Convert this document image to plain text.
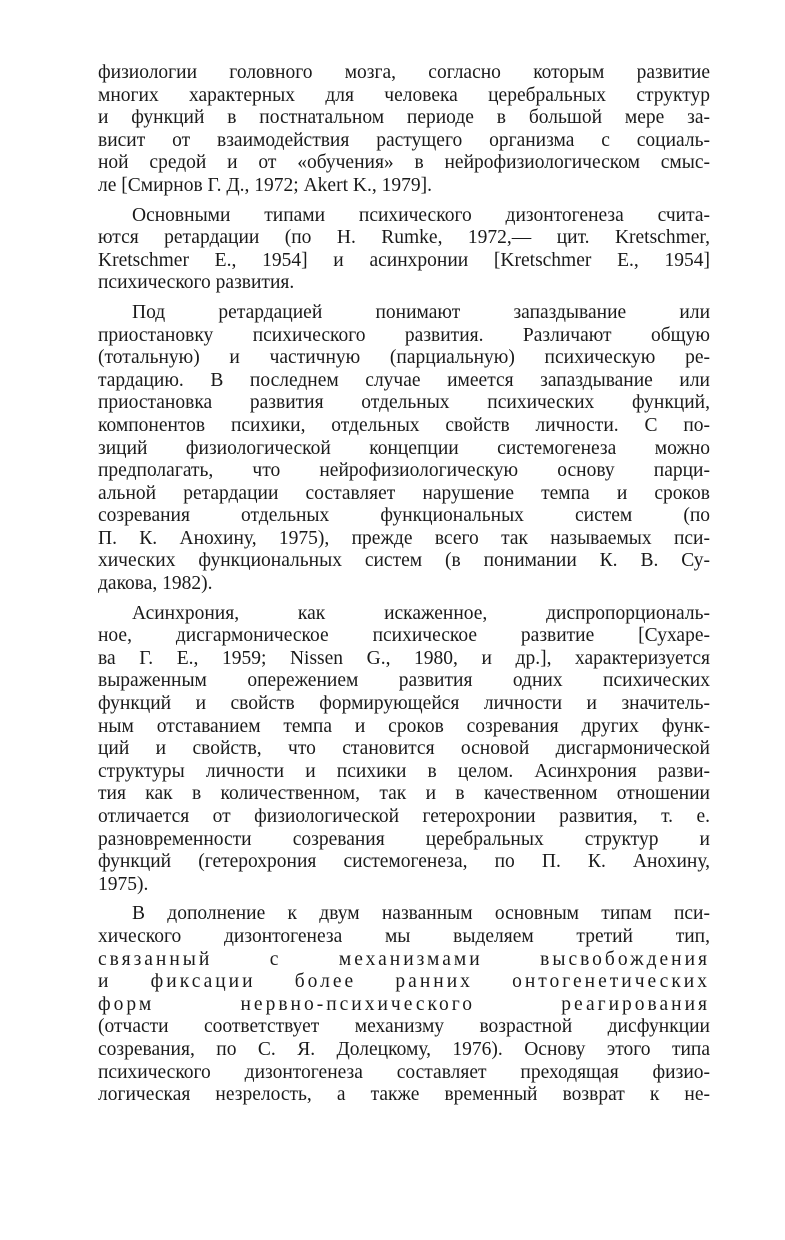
физиологии головного мозга, согласно которым развитие
многих характерных для человека церебральных структур
и функций в постнатальном периоде в большой мере за-
висит от взаимодействия растущего организма с социаль-
ной средой и от «обучения» в нейрофизиологическом смыс-
ле [Смирнов Г. Д., 1972; Akert K., 1979].

Основными типами психического дизонтогенеза счита-
ются ретардации (по Н. Rumke, 1972,— цит. Kretschmer,
Kretschmer E., 1954] и асинхронии [Kretschmer E., 1954]
психического развития.

Под ретардацией понимают запаздывание или
приостановку психического развития. Различают общую
(тотальную) и частичную (парциальную) психическую ре-
тардацию. В последнем случае имеется запаздывание или
приостановка развития отдельных психических функций,
компонентов психики, отдельных свойств личности. С по-
зиций физиологической концепции системогенеза можно
предполагать, что нейрофизиологическую основу парци-
альной ретардации составляет нарушение темпа и сроков
созревания отдельных функциональных систем (по
П. К. Анохину, 1975), прежде всего так называемых пси-
хических функциональных систем (в понимании К. В. Су-
дакова, 1982).

Асинхрония, как искаженное, диспропорциональ-
ное, дисгармоническое психическое развитие [Сухаре-
ва Г. Е., 1959; Nissen G., 1980, и др.], характеризуется
выраженным опережением развития одних психических
функций и свойств формирующейся личности и значитель-
ным отставанием темпа и сроков созревания других функ-
ций и свойств, что становится основой дисгармонической
структуры личности и психики в целом. Асинхрония разви-
тия как в количественном, так и в качественном отношении
отличается от физиологической гетерохронии развития, т. е.
разновременности созревания церебральных структур и
функций (гетерохрония системогенеза, по П. К. Анохину,
1975).

В дополнение к двум названным основным типам пси-
хического дизонтогенеза мы выделяем третий тип,
связанный с механизмами высвобождения
и фиксации более ранних онтогенетических
форм нервно-психического реагирования
(отчасти соответствует механизму возрастной дисфункции
созревания, по С. Я. Долецкому, 1976). Основу этого типа
психического дизонтогенеза составляет преходящая физио-
логическая незрелость, а также временный возврат к не-
